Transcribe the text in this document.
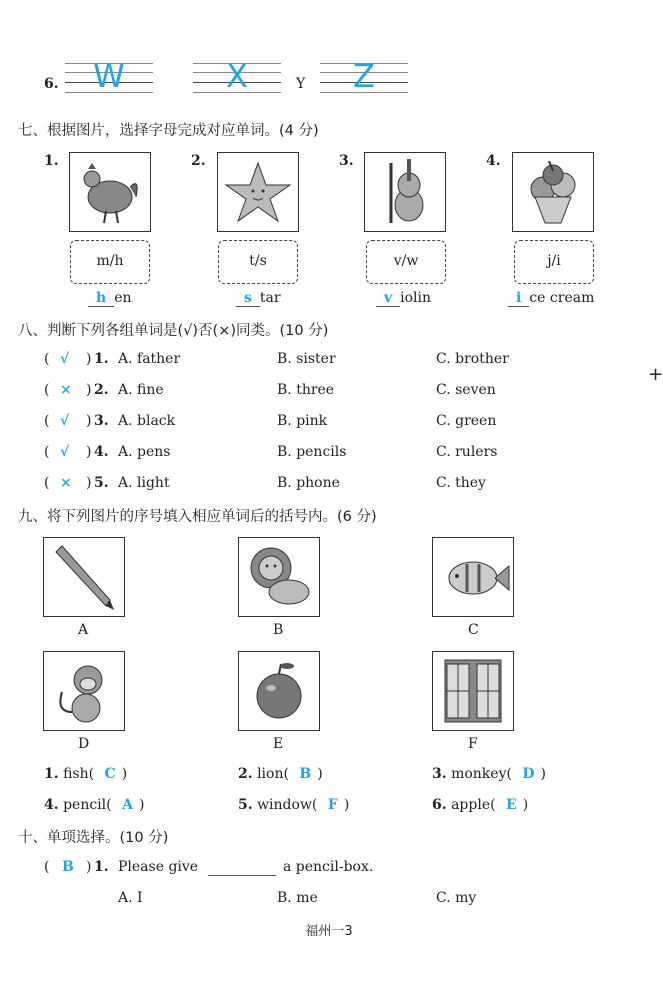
6.	W	X	Y	Z
七、根据图片，选择字母完成对应单词。(4 分)
1.
m/h
h en
2.
t/s
s tar
3.
v/w
v iolin
4.
j/i
i ce cream
八、判断下列各组单词是(√)否(×)同类。(10 分)
( √ ) 1. A. father	B. sister	C. brother
( × ) 2. A. fine	B. three	C. seven
( √ ) 3. A. black	B. pink	C. green
( √ ) 4. A. pens	B. pencils	C. rulers
( × ) 5. A. light	B. phone	C. they
+
九、将下列图片的序号填入相应单词后的括号内。(6 分)
A	B	C
D	E	F
1. fish( C )	2. lion( B )	3. monkey( D )
4. pencil( A )	5. window( F )	6. apple( E )
十、单项选择。(10 分)
( B ) 1. Please give	a pencil-box.
A. I	B. me	C. my
福州一3
